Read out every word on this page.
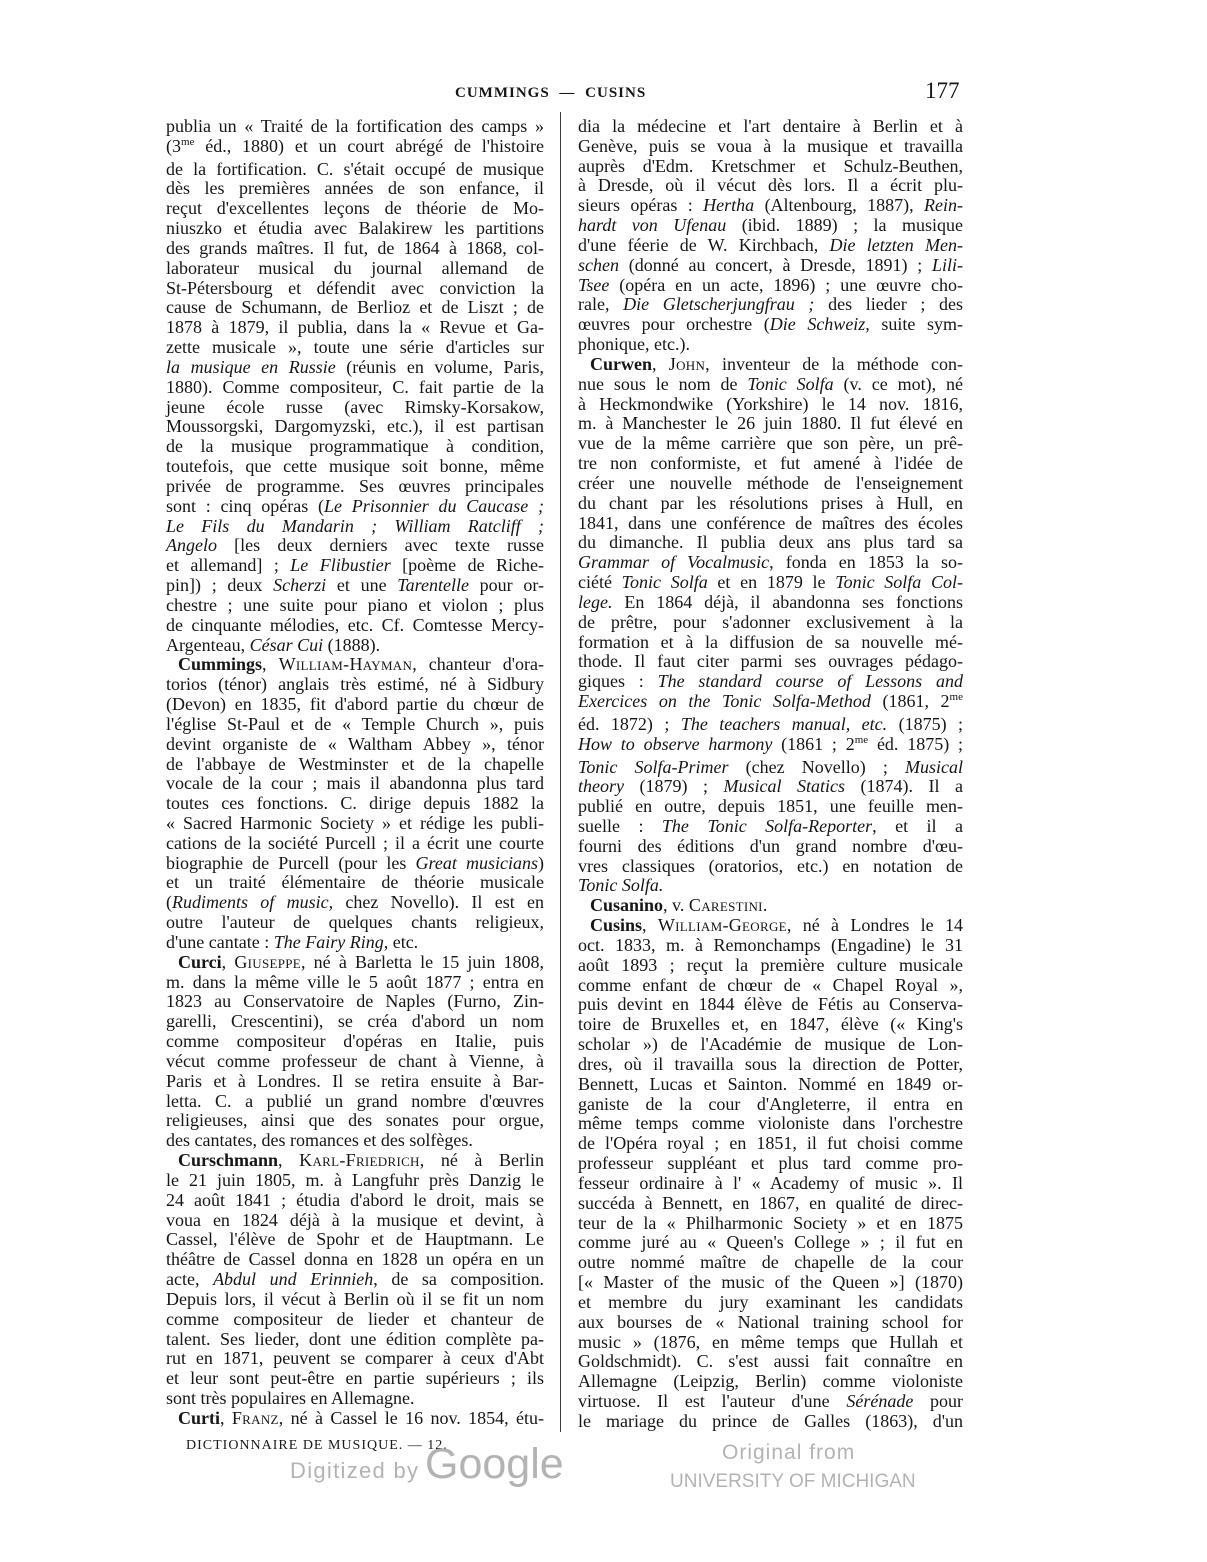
CUMMINGS — CUSINS	177
publia un « Traité de la fortification des camps »
($3^{me}$ éd., 1880) et un court abrégé de l'histoire
de la fortification. C. s'était occupé de musique
dès les premières années de son enfance, il
reçut d'excellentes leçons de théorie de Mo-
niuszko et étudia avec Balakirew les partitions
des grands maîtres. Il fut, de 1864 à 1868, col-
laborateur musical du journal allemand de
St-Pétersbourg et défendit avec conviction la
cause de Schumann, de Berlioz et de Liszt ; de
1878 à 1879, il publia, dans la « Revue et Ga-
zette musicale », toute une série d'articles sur
la musique en Russie (réunis en volume, Paris,
1880). Comme compositeur, C. fait partie de la
jeune école russe (avec Rimsky-Korsakow,
Moussorgski, Dargomyzski, etc.), il est partisan
de la musique programmatique à condition,
toutefois, que cette musique soit bonne, même
privée de programme. Ses œuvres principales
sont : cinq opéras (Le Prisonnier du Caucase ;
Le Fils du Mandarin ; William Ratcliff ;
Angelo [les deux derniers avec texte russe
et allemand] ; Le Flibustier [poème de Riche-
pin]) ; deux Scherzi et une Tarentelle pour or-
chestre ; une suite pour piano et violon ; plus
de cinquante mélodies, etc. Cf. Comtesse Mercy-
Argenteau, César Cui (1888).
Cummings, William-Hayman, chanteur d'ora-
torios (ténor) anglais très estimé, né à Sidbury
(Devon) en 1835, fit d'abord partie du chœur de
l'église St-Paul et de « Temple Church », puis
devint organiste de « Waltham Abbey », ténor
de l'abbaye de Westminster et de la chapelle
vocale de la cour ; mais il abandonna plus tard
toutes ces fonctions. C. dirige depuis 1882 la
« Sacred Harmonic Society » et rédige les publi-
cations de la société Purcell ; il a écrit une courte
biographie de Purcell (pour les Great musicians)
et un traité élémentaire de théorie musicale
(Rudiments of music, chez Novello). Il est en
outre l'auteur de quelques chants religieux,
d'une cantate : The Fairy Ring, etc.
Curci, Giuseppe, né à Barletta le 15 juin 1808,
m. dans la même ville le 5 août 1877 ; entra en
1823 au Conservatoire de Naples (Furno, Zin-
garelli, Crescentini), se créa d'abord un nom
comme compositeur d'opéras en Italie, puis
vécut comme professeur de chant à Vienne, à
Paris et à Londres. Il se retira ensuite à Bar-
letta. C. a publié un grand nombre d'œuvres
religieuses, ainsi que des sonates pour orgue,
des cantates, des romances et des solfèges.
Curschmann, Karl-Friedrich, né à Berlin
le 21 juin 1805, m. à Langfuhr près Danzig le
24 août 1841 ; étudia d'abord le droit, mais se
voua en 1824 déjà à la musique et devint, à
Cassel, l'élève de Spohr et de Hauptmann. Le
théâtre de Cassel donna en 1828 un opéra en un
acte, Abdul und Erinnieh, de sa composition.
Depuis lors, il vécut à Berlin où il se fit un nom
comme compositeur de lieder et chanteur de
talent. Ses lieder, dont une édition complète pa-
rut en 1871, peuvent se comparer à ceux d'Abt
et leur sont peut-être en partie supérieurs ; ils
sont très populaires en Allemagne.
Curti, Franz, né à Cassel le 16 nov. 1854, étu-
dia la médecine et l'art dentaire à Berlin et à
Genève, puis se voua à la musique et travailla
auprès d'Edm. Kretschmer et Schulz-Beuthen,
à Dresde, où il vécut dès lors. Il a écrit plu-
sieurs opéras : Hertha (Altenbourg, 1887), Rein-
hardt von Ufenau (ibid. 1889) ; la musique
d'une féerie de W. Kirchbach, Die letzten Men-
schen (donné au concert, à Dresde, 1891) ; Lili-
Tsee (opéra en un acte, 1896) ; une œuvre cho-
rale, Die Gletscherjungfrau ; des lieder ; des
œuvres pour orchestre (Die Schweiz, suite sym-
phonique, etc.).
Curwen, John, inventeur de la méthode con-
nue sous le nom de Tonic Solfa (v. ce mot), né
à Heckmondwike (Yorkshire) le 14 nov. 1816,
m. à Manchester le 26 juin 1880. Il fut élevé en
vue de la même carrière que son père, un prê-
tre non conformiste, et fut amené à l'idée de
créer une nouvelle méthode de l'enseignement
du chant par les résolutions prises à Hull, en
1841, dans une conférence de maîtres des écoles
du dimanche. Il publia deux ans plus tard sa
Grammar of Vocalmusic, fonda en 1853 la so-
ciété Tonic Solfa et en 1879 le Tonic Solfa Col-
lege. En 1864 déjà, il abandonna ses fonctions
de prêtre, pour s'adonner exclusivement à la
formation et à la diffusion de sa nouvelle mé-
thode. Il faut citer parmi ses ouvrages pédago-
giques : The standard course of Lessons and
Exercices on the Tonic Solfa-Method (1861, $2^{me}$
éd. 1872) ; The teachers manual, etc. (1875) ;
How to observe harmony (1861 ; $2^{me}$ éd. 1875) ;
Tonic Solfa-Primer (chez Novello) ; Musical
theory (1879) ; Musical Statics (1874). Il a
publié en outre, depuis 1851, une feuille men-
suelle : The Tonic Solfa-Reporter, et il a
fourni des éditions d'un grand nombre d'œu-
vres classiques (oratorios, etc.) en notation de
Tonic Solfa.
Cusanino, v. Carestini.
Cusins, William-George, né à Londres le 14
oct. 1833, m. à Remonchamps (Engadine) le 31
août 1893 ; reçut la première culture musicale
comme enfant de chœur de « Chapel Royal »,
puis devint en 1844 élève de Fétis au Conserva-
toire de Bruxelles et, en 1847, élève (« King's
scholar ») de l'Académie de musique de Lon-
dres, où il travailla sous la direction de Potter,
Bennett, Lucas et Sainton. Nommé en 1849 or-
ganiste de la cour d'Angleterre, il entra en
même temps comme violoniste dans l'orchestre
de l'Opéra royal ; en 1851, il fut choisi comme
professeur suppléant et plus tard comme pro-
fesseur ordinaire à l' « Academy of music ». Il
succéda à Bennett, en 1867, en qualité de direc-
teur de la « Philharmonic Society » et en 1875
comme juré au « Queen's College » ; il fut en
outre nommé maître de chapelle de la cour
[« Master of the music of the Queen »] (1870)
et membre du jury examinant les candidats
aux bourses de « National training school for
music » (1876, en même temps que Hullah et
Goldschmidt). C. s'est aussi fait connaître en
Allemagne (Leipzig, Berlin) comme violoniste
virtuose. Il est l'auteur d'une Sérénade pour
le mariage du prince de Galles (1863), d'un
DICTIONNAIRE DE MUSIQUE. — 12.
Digitized by Google	Original from
UNIVERSITY OF MICHIGAN
